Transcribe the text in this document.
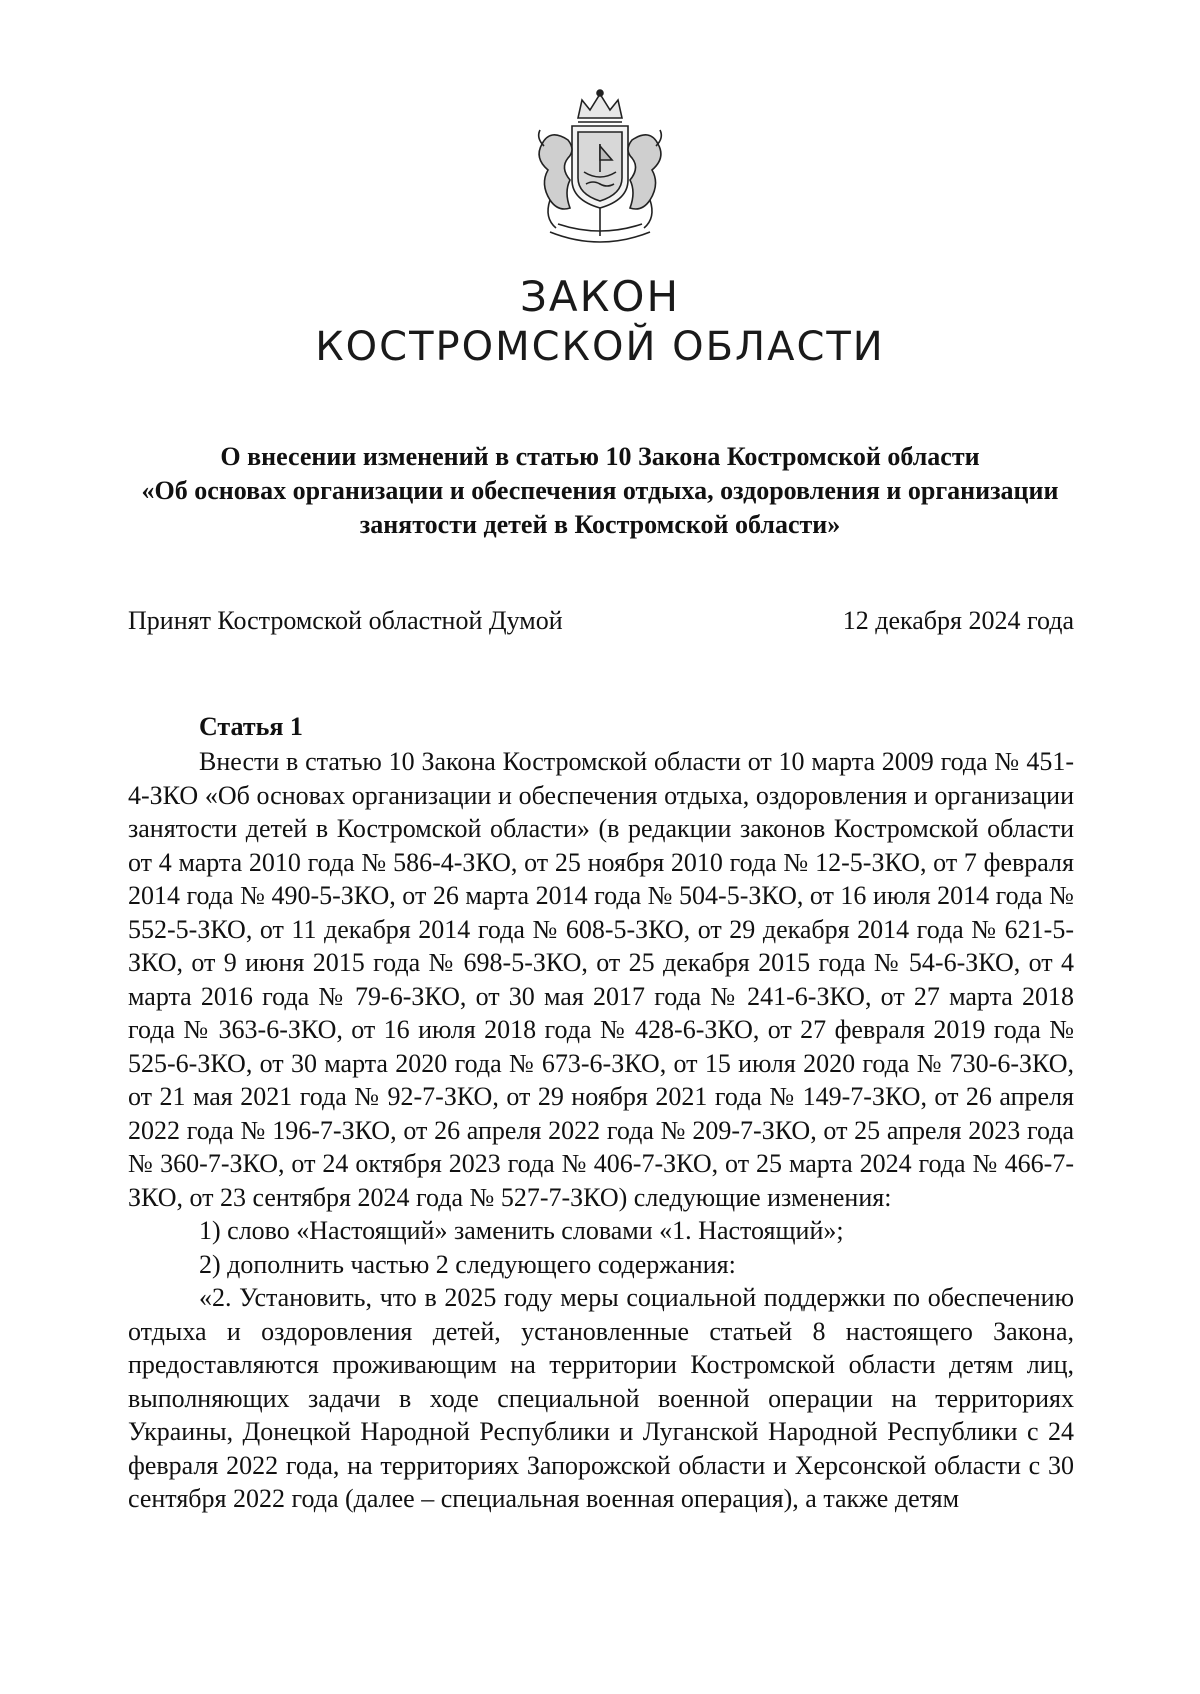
ЗАКОН
КОСТРОМСКОЙ ОБЛАСТИ
О внесении изменений в статью 10 Закона Костромской области
«Об основах организации и обеспечения отдыха, оздоровления и организации
занятости детей в Костромской области»
Принят Костромской областной Думой	12 декабря 2024 года
Статья 1

Внести в статью 10 Закона Костромской области от 10 марта 2009 года № 451-4-ЗКО «Об основах организации и обеспечения отдыха, оздоровления и организации занятости детей в Костромской области» (в редакции законов Костромской области от 4 марта 2010 года № 586-4-ЗКО, от 25 ноября 2010 года № 12-5-ЗКО, от 7 февраля 2014 года № 490-5-ЗКО, от 26 марта 2014 года № 504-5-ЗКО, от 16 июля 2014 года № 552-5-ЗКО, от 11 декабря 2014 года № 608-5-ЗКО, от 29 декабря 2014 года № 621-5-ЗКО, от 9 июня 2015 года № 698-5-ЗКО, от 25 декабря 2015 года № 54-6-ЗКО, от 4 марта 2016 года № 79-6-ЗКО, от 30 мая 2017 года № 241-6-ЗКО, от 27 марта 2018 года № 363-6-ЗКО, от 16 июля 2018 года № 428-6-ЗКО, от 27 февраля 2019 года № 525-6-ЗКО, от 30 марта 2020 года № 673-6-ЗКО, от 15 июля 2020 года № 730-6-ЗКО, от 21 мая 2021 года № 92-7-ЗКО, от 29 ноября 2021 года № 149-7-ЗКО, от 26 апреля 2022 года № 196-7-ЗКО, от 26 апреля 2022 года № 209-7-ЗКО, от 25 апреля 2023 года № 360-7-ЗКО, от 24 октября 2023 года № 406-7-ЗКО, от 25 марта 2024 года № 466-7-ЗКО, от 23 сентября 2024 года № 527-7-ЗКО) следующие изменения:

1) слово «Настоящий» заменить словами «1. Настоящий»;

2) дополнить частью 2 следующего содержания:

«2. Установить, что в 2025 году меры социальной поддержки по обеспечению отдыха и оздоровления детей, установленные статьей 8 настоящего Закона, предоставляются проживающим на территории Костромской области детям лиц, выполняющих задачи в ходе специальной военной операции на территориях Украины, Донецкой Народной Республики и Луганской Народной Республики с 24 февраля 2022 года, на территориях Запорожской области и Херсонской области с 30 сентября 2022 года (далее – специальная военная операция), а также детям
